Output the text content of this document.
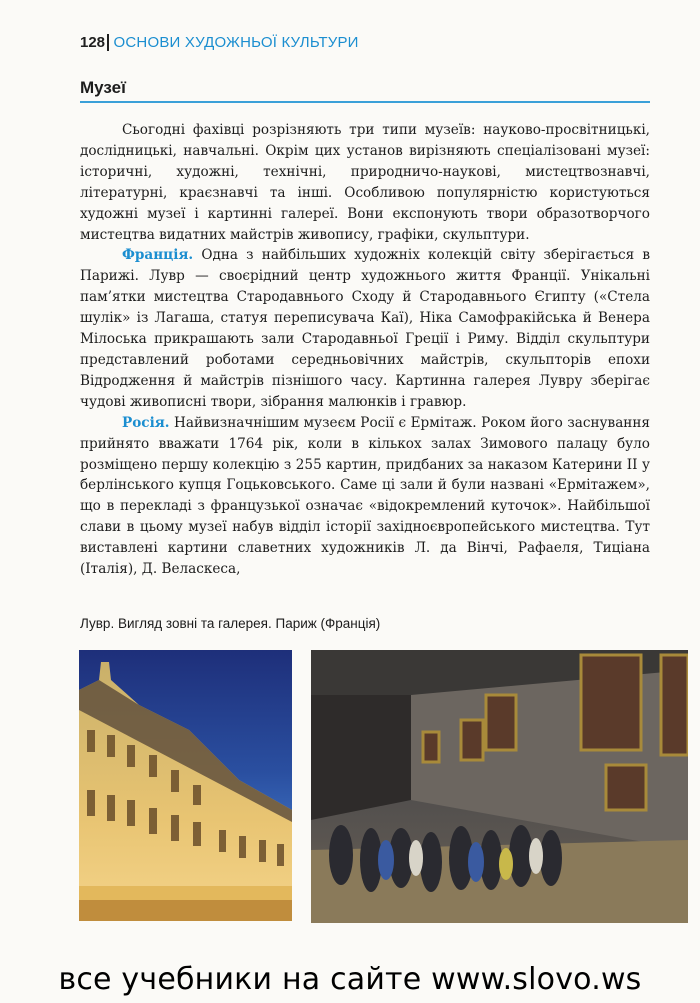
128 ОСНОВИ ХУДОЖНЬОЇ КУЛЬТУРИ
Музеї

Сьогодні фахівці розрізняють три типи музеїв: науково-просвітницькі, дослідницькі, навчальні. Окрім цих установ вирізняють спеціалізовані музеї: історичні, художні, технічні, природничо-наукові, мистецтвознавчі, літературні, краєзнавчі та інші. Особливою популярністю користуються художні музеї і картинні галереї. Вони експонують твори образотворчого мистецтва видатних майстрів живопису, графіки, скульптури.

Франція. Одна з найбільших художніх колекцій світу зберігається в Парижі. Лувр — своєрідний центр художнього життя Франції. Унікальні пам’ятки мистецтва Стародавнього Сходу й Стародавнього Єгипту («Стела шулік» із Лагаша, статуя переписувача Каї), Ніка Самофракійська й Венера Мілоська прикрашають зали Стародавньої Греції і Риму. Відділ скульптури представлений роботами середньовічних майстрів, скульпторів епохи Відродження й майстрів пізнішого часу. Картинна галерея Лувру зберігає чудові живописні твори, зібрання малюнків і гравюр.

Росія. Найвизначнішим музеєм Росії є Ермітаж. Роком його заснування прийнято вважати 1764 рік, коли в кількох залах Зимового палацу було розміщено першу колекцію з 255 картин, придбаних за наказом Катерини II у берлінського купця Гоцьковського. Саме ці зали й були названі «Ермітажем», що в перекладі з французької означає «відокремлений куточок». Найбільшої слави в цьому музеї набув відділ історії західноєвропейського мистецтва. Тут виставлені картини славетних художників Л. да Вінчі, Рафаеля, Тиціана (Італія), Д. Веласкеса,

Лувр. Вигляд зовні та галерея. Париж (Франція)
все учебники на сайте www.slovo.ws
